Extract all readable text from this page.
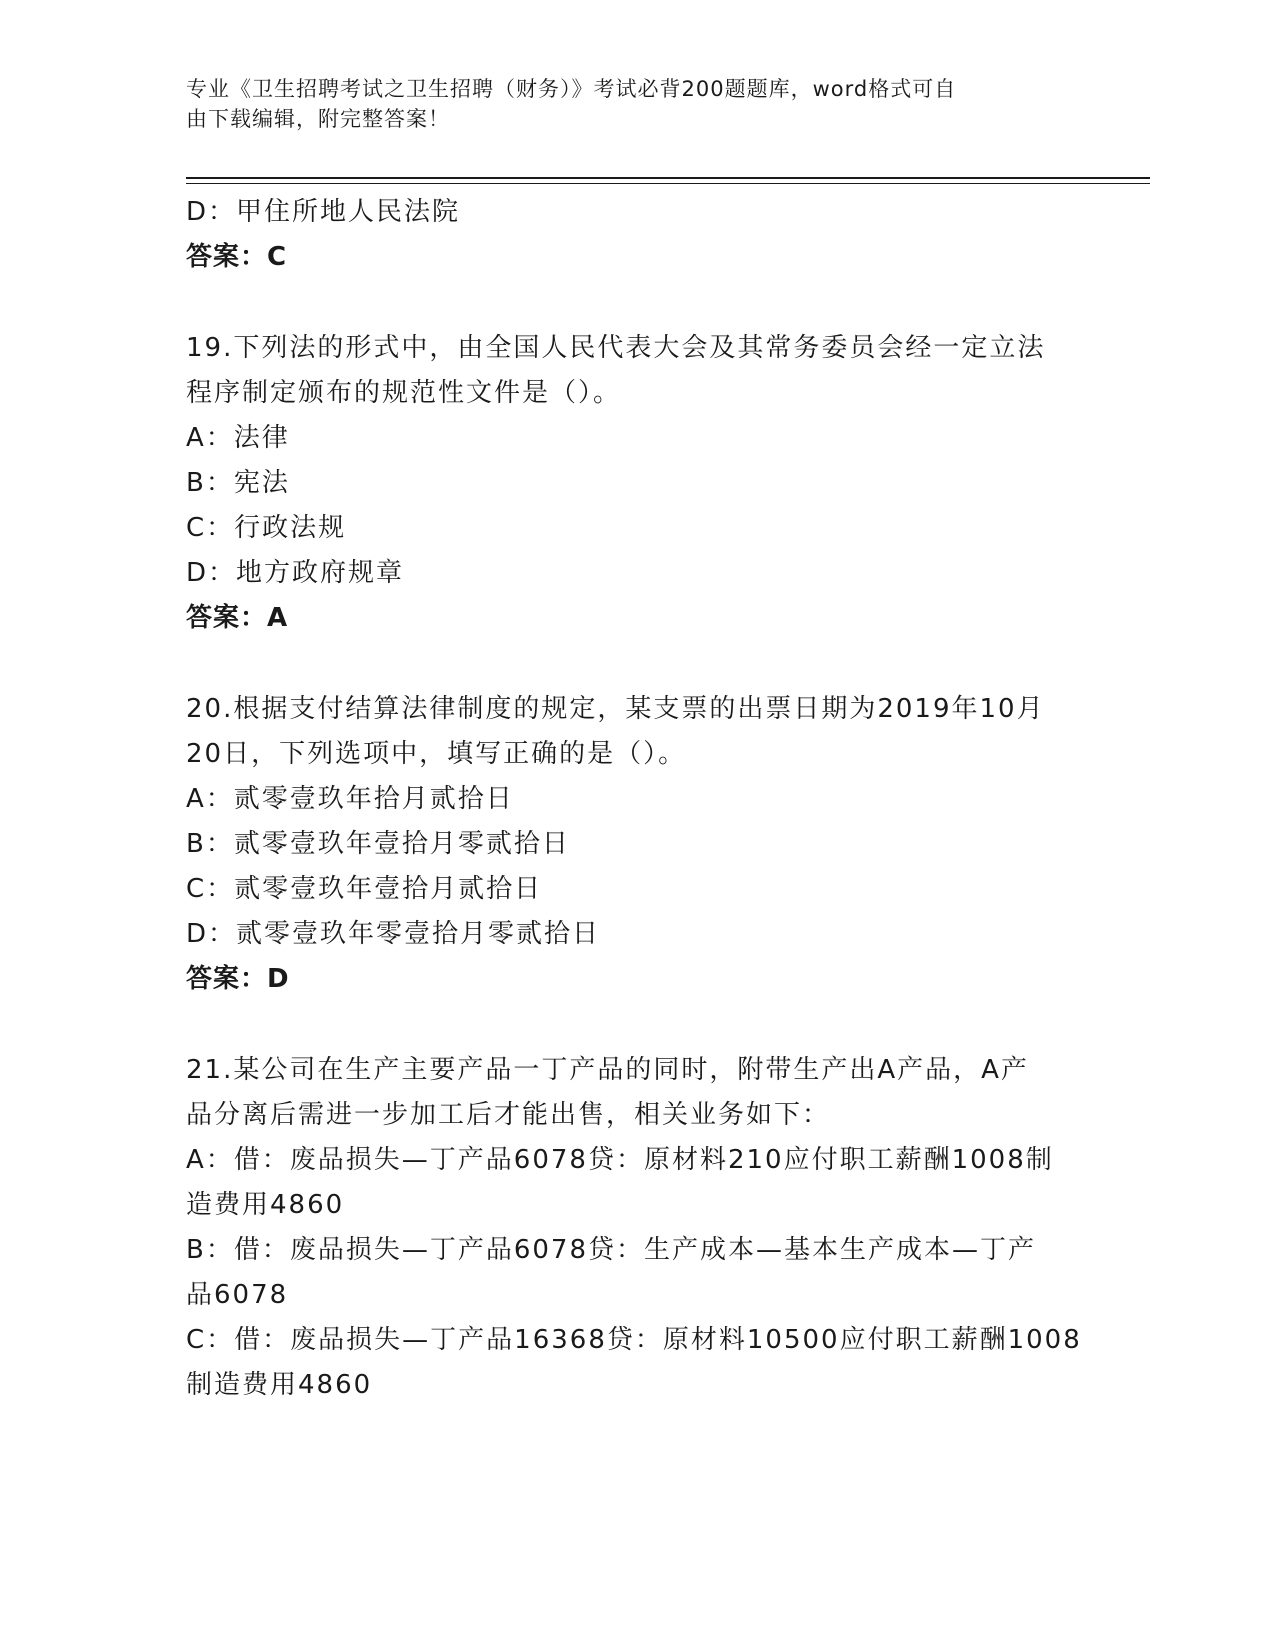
专业《卫生招聘考试之卫生招聘（财务）》考试必背200题题库，word格式可自
由下载编辑，附完整答案！
D：甲住所地人民法院
答案：C
19.下列法的形式中，由全国人民代表大会及其常务委员会经一定立法
程序制定颁布的规范性文件是（）。
A：法律
B：宪法
C：行政法规
D：地方政府规章
答案：A
20.根据支付结算法律制度的规定，某支票的出票日期为2019年10月
20日，下列选项中，填写正确的是（）。
A：贰零壹玖年拾月贰拾日
B：贰零壹玖年壹拾月零贰拾日
C：贰零壹玖年壹拾月贰拾日
D：贰零壹玖年零壹拾月零贰拾日
答案：D
21.某公司在生产主要产品一丁产品的同时，附带生产出A产品，A产
品分离后需进一步加工后才能出售，相关业务如下：
A：借：废品损失—丁产品6078贷：原材料210应付职工薪酬1008制
造费用4860
B：借：废品损失—丁产品6078贷：生产成本—基本生产成本—丁产
品6078
C：借：废品损失—丁产品16368贷：原材料10500应付职工薪酬1008
制造费用4860
